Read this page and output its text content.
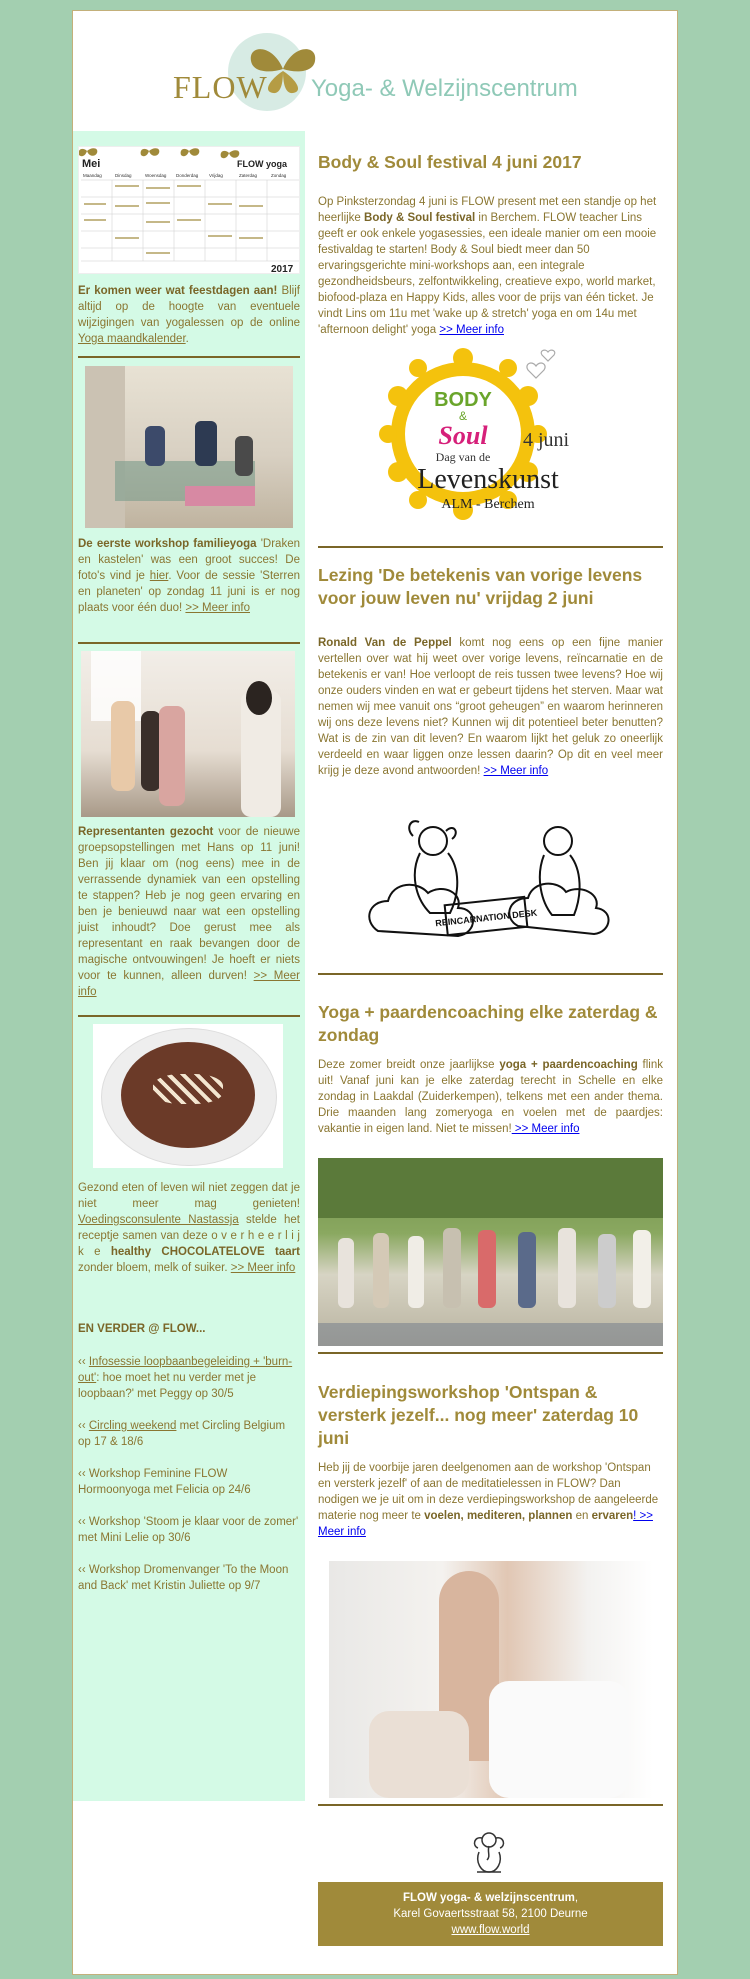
FLOW Yoga- & Welzijnscentrum
Mei	FLOW yoga
Maandag	Dinsdag	Woensdag Donderdag Vrijdag	Zaterdag	Zondag
2017
Er komen weer wat feestdagen aan! Blijf altijd op de hoogte van eventuele wijzigingen van yogalessen op de online Yoga maandkalender.
De eerste workshop familieyoga 'Draken en kastelen' was een groot succes! De foto's vind je hier. Voor de sessie 'Sterren en planeten' op zondag 11 juni is er nog plaats voor één duo! >> Meer info
Representanten gezocht voor de nieuwe groepsopstellingen met Hans op 11 juni! Ben jij klaar om (nog eens) mee in de verrassende dynamiek van een opstelling te stappen? Heb je nog geen ervaring en ben je benieuwd naar wat een opstelling juist inhoudt? Doe gerust mee als representant en raak bevangen door de magische ontvouwingen! Je hoeft er niets voor te kunnen, alleen durven! >> Meer info
Gezond eten of leven wil niet zeggen dat je niet meer mag genieten! Voedingsconsulente Nastassja stelde het receptje samen van deze o v e r h e e r l i j k e healthy CHOCOLATELOVE taart zonder bloem, melk of suiker. >> Meer info
EN VERDER @ FLOW...
‹‹ Infosessie loopbaanbegeleiding + 'burn-out': hoe moet het nu verder met je loopbaan?' met Peggy op 30/5
‹‹ Circling weekend met Circling Belgium op 17 & 18/6
‹‹ Workshop Feminine FLOW Hormoonyoga met Felicia op 24/6
‹‹ Workshop 'Stoom je klaar voor de zomer' met Mini Lelie op 30/6
‹‹ Workshop Dromenvanger 'To the Moon and Back' met Kristin Juliette op 9/7
Body & Soul festival 4 juni 2017
Op Pinksterzondag 4 juni is FLOW present met een standje op het heerlijke Body & Soul festival in Berchem. FLOW teacher Lins geeft er ook enkele yogasessies, een ideale manier om een mooie festivaldag te starten! Body & Soul biedt meer dan 50 ervaringsgerichte mini-workshops aan, een integrale gezondheidsbeurs, zelfontwikkeling, creatieve expo, world market, biofood-plaza en Happy Kids, alles voor de prijs van één ticket. Je vindt Lins om 11u met 'wake up & stretch' yoga en om 14u met 'afternoon delight' yoga >> Meer info
BODY
&
Soul 4 juni
Dag van de
Levenskunst
ALM - Berchem
Lezing 'De betekenis van vorige levens voor jouw leven nu' vrijdag 2 juni
Ronald Van de Peppel komt nog eens op een fijne manier vertellen over wat hij weet over vorige levens, reïncarnatie en de betekenis er van! Hoe verloopt de reis tussen twee levens? Hoe wij onze ouders vinden en wat er gebeurt tijdens het sterven. Maar wat nemen wij mee vanuit ons “groot geheugen” en waarom herinneren wij ons deze levens niet? Kunnen wij dit potentieel beter benutten? Wat is de zin van dit leven? En waarom lijkt het geluk zo oneerlijk verdeeld en waar liggen onze lessen daarin? Op dit en veel meer krijg je deze avond antwoorden! >> Meer info
REINCARNATION DESK
Yoga + paardencoaching elke zaterdag & zondag
Deze zomer breidt onze jaarlijkse yoga + paardencoaching flink uit! Vanaf juni kan je elke zaterdag terecht in Schelle en elke zondag in Laakdal (Zuiderkempen), telkens met een ander thema. Drie maanden lang zomeryoga en voelen met de paardjes: vakantie in eigen land. Niet te missen! >> Meer info
Verdiepingsworkshop 'Ontspan & versterk jezelf... nog meer' zaterdag 10 juni
Heb jij de voorbije jaren deelgenomen aan de workshop 'Ontspan en versterk jezelf' of aan de meditatielessen in FLOW? Dan nodigen we je uit om in deze verdiepingsworkshop de aangeleerde materie nog meer te voelen, mediteren, plannen en ervaren! >> Meer info
FLOW yoga- & welzijnscentrum,
Karel Govaertsstraat 58, 2100 Deurne
www.flow.world
